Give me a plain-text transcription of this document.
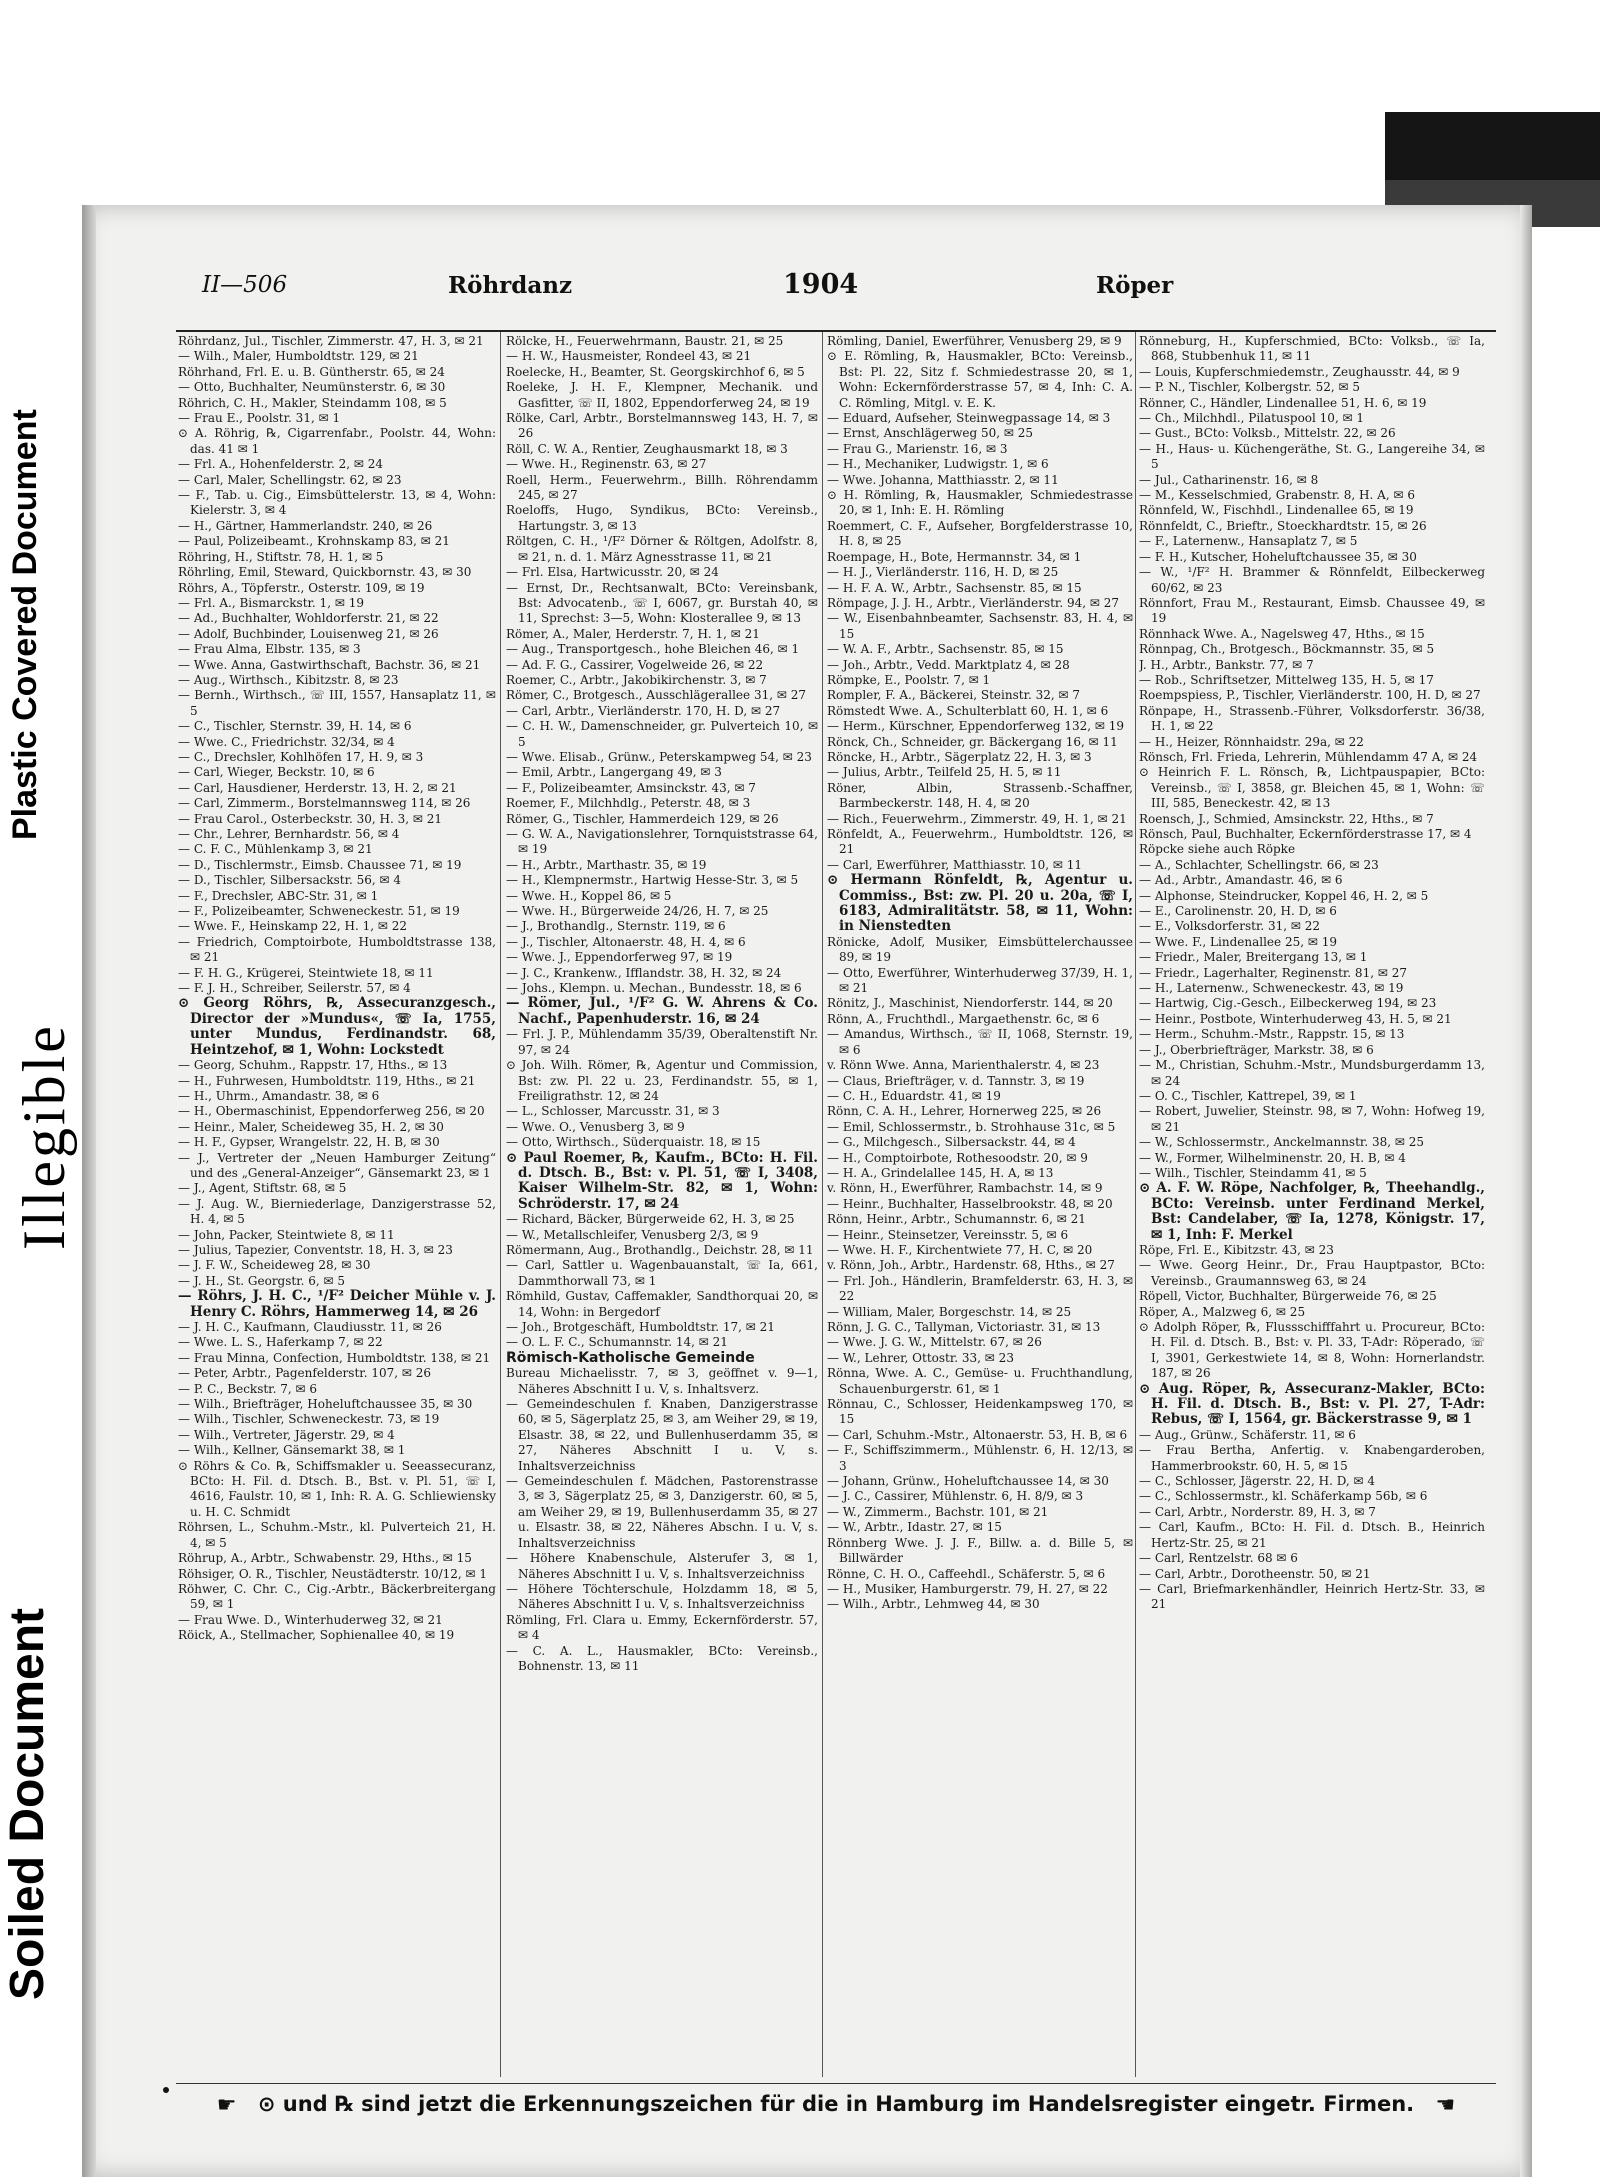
Plastic Covered Document
Illegible
Soiled Document
II—506	Röhrdanz	1904	Röper

Röhrdanz, Jul., Tischler, Zimmerstr. 47, H. 3, ✉ 21

— Wilh., Maler, Humboldtstr. 129, ✉ 21

Röhrhand, Frl. E. u. B. Güntherstr. 65, ✉ 24

— Otto, Buchhalter, Neumünsterstr. 6, ✉ 30

Röhrich, C. H., Makler, Steindamm 108, ✉ 5

— Frau E., Poolstr. 31, ✉ 1

⊙ A. Röhrig, ℞, Cigarrenfabr., Poolstr. 44, Wohn: das. 41 ✉ 1

— Frl. A., Hohenfelderstr. 2, ✉ 24

— Carl, Maler, Schellingstr. 62, ✉ 23

— F., Tab. u. Cig., Eimsbüttelerstr. 13, ✉ 4, Wohn: Kielerstr. 3, ✉ 4

— H., Gärtner, Hammerlandstr. 240, ✉ 26

— Paul, Polizeibeamt., Krohnskamp 83, ✉ 21

Röhring, H., Stiftstr. 78, H. 1, ✉ 5

Röhrling, Emil, Steward, Quickbornstr. 43, ✉ 30

Röhrs, A., Töpferstr., Osterstr. 109, ✉ 19

— Frl. A., Bismarckstr. 1, ✉ 19

— Ad., Buchhalter, Wohldorferstr. 21, ✉ 22

— Adolf, Buchbinder, Louisenweg 21, ✉ 26

— Frau Alma, Elbstr. 135, ✉ 3

— Wwe. Anna, Gastwirthschaft, Bachstr. 36, ✉ 21

— Aug., Wirthsch., Kibitzstr. 8, ✉ 23

— Bernh., Wirthsch., ☏ III, 1557, Hansaplatz 11, ✉ 5

— C., Tischler, Sternstr. 39, H. 14, ✉ 6

— Wwe. C., Friedrichstr. 32/34, ✉ 4

— C., Drechsler, Kohlhöfen 17, H. 9, ✉ 3

— Carl, Wieger, Beckstr. 10, ✉ 6

— Carl, Hausdiener, Herderstr. 13, H. 2, ✉ 21

— Carl, Zimmerm., Borstelmannsweg 114, ✉ 26

— Frau Carol., Osterbeckstr. 30, H. 3, ✉ 21

— Chr., Lehrer, Bernhardstr. 56, ✉ 4

— C. F. C., Mühlenkamp 3, ✉ 21

— D., Tischlermstr., Eimsb. Chaussee 71, ✉ 19

— D., Tischler, Silbersackstr. 56, ✉ 4

— F., Drechsler, ABC-Str. 31, ✉ 1

— F., Polizeibeamter, Schweneckestr. 51, ✉ 19

— Wwe. F., Heinskamp 22, H. 1, ✉ 22

— Friedrich, Comptoirbote, Humboldtstrasse 138, ✉ 21

— F. H. G., Krügerei, Steintwiete 18, ✉ 11

— F. J. H., Schreiber, Seilerstr. 57, ✉ 4

⊙ Georg Röhrs, ℞, Assecuranzgesch., Director der »Mundus«, ☏ Ia, 1755, unter Mundus, Ferdinandstr. 68, Heintzehof, ✉ 1, Wohn: Lockstedt

— Georg, Schuhm., Rappstr. 17, Hths., ✉ 13

— H., Fuhrwesen, Humboldtstr. 119, Hths., ✉ 21

— H., Uhrm., Amandastr. 38, ✉ 6

— H., Obermaschinist, Eppendorferweg 256, ✉ 20

— Heinr., Maler, Scheideweg 35, H. 2, ✉ 30

— H. F., Gypser, Wrangelstr. 22, H. B, ✉ 30

— J., Vertreter der „Neuen Hamburger Zeitung“ und des „General-Anzeiger“, Gänsemarkt 23, ✉ 1

— J., Agent, Stiftstr. 68, ✉ 5

— J. Aug. W., Bierniederlage, Danzigerstrasse 52, H. 4, ✉ 5

— John, Packer, Steintwiete 8, ✉ 11

— Julius, Tapezier, Conventstr. 18, H. 3, ✉ 23

— J. F. W., Scheideweg 28, ✉ 30

— J. H., St. Georgstr. 6, ✉ 5

— Röhrs, J. H. C., ¹/F² Deicher Mühle v. J. Henry C. Röhrs, Hammerweg 14, ✉ 26

— J. H. C., Kaufmann, Claudiusstr. 11, ✉ 26

— Wwe. L. S., Haferkamp 7, ✉ 22

— Frau Minna, Confection, Humboldtstr. 138, ✉ 21

— Peter, Arbtr., Pagenfelderstr. 107, ✉ 26

— P. C., Beckstr. 7, ✉ 6

— Wilh., Briefträger, Hoheluftchaussee 35, ✉ 30

— Wilh., Tischler, Schweneckestr. 73, ✉ 19

— Wilh., Vertreter, Jägerstr. 29, ✉ 4

— Wilh., Kellner, Gänsemarkt 38, ✉ 1

⊙ Röhrs & Co. ℞, Schiffsmakler u. Seeassecuranz, BCto: H. Fil. d. Dtsch. B., Bst. v. Pl. 51, ☏ I, 4616, Faulstr. 10, ✉ 1, Inh: R. A. G. Schliewiensky u. H. C. Schmidt

Röhrsen, L., Schuhm.-Mstr., kl. Pulverteich 21, H. 4, ✉ 5

Röhrup, A., Arbtr., Schwabenstr. 29, Hths., ✉ 15

Röhsiger, O. R., Tischler, Neustädterstr. 10/12, ✉ 1

Röhwer, C. Chr. C., Cig.-Arbtr., Bäckerbreitergang 59, ✉ 1

— Frau Wwe. D., Winterhuderweg 32, ✉ 21

Röick, A., Stellmacher, Sophienallee 40, ✉ 19

Rölcke, H., Feuerwehrmann, Baustr. 21, ✉ 25

— H. W., Hausmeister, Rondeel 43, ✉ 21

Roelecke, H., Beamter, St. Georgskirchhof 6, ✉ 5

Roeleke, J. H. F., Klempner, Mechanik. und Gasfitter, ☏ II, 1802, Eppendorferweg 24, ✉ 19

Rölke, Carl, Arbtr., Borstelmannsweg 143, H. 7, ✉ 26

Röll, C. W. A., Rentier, Zeughausmarkt 18, ✉ 3

— Wwe. H., Reginenstr. 63, ✉ 27

Roell, Herm., Feuerwehrm., Billh. Röhrendamm 245, ✉ 27

Roeloffs, Hugo, Syndikus, BCto: Vereinsb., Hartungstr. 3, ✉ 13

Röltgen, C. H., ¹/F² Dörner & Röltgen, Adolfstr. 8, ✉ 21, n. d. 1. März Agnesstrasse 11, ✉ 21

— Frl. Elsa, Hartwicusstr. 20, ✉ 24

— Ernst, Dr., Rechtsanwalt, BCto: Vereinsbank, Bst: Advocatenb., ☏ I, 6067, gr. Burstah 40, ✉ 11, Sprechst: 3—5, Wohn: Klosterallee 9, ✉ 13

Römer, A., Maler, Herderstr. 7, H. 1, ✉ 21

— Aug., Transportgesch., hohe Bleichen 46, ✉ 1

— Ad. F. G., Cassirer, Vogelweide 26, ✉ 22

Roemer, C., Arbtr., Jakobikirchenstr. 3, ✉ 7

Römer, C., Brotgesch., Ausschlägerallee 31, ✉ 27

— Carl, Arbtr., Vierländerstr. 170, H. D, ✉ 27

— C. H. W., Damenschneider, gr. Pulverteich 10, ✉ 5

— Wwe. Elisab., Grünw., Peterskampweg 54, ✉ 23

— Emil, Arbtr., Langergang 49, ✉ 3

— F., Polizeibeamter, Amsinckstr. 43, ✉ 7

Roemer, F., Milchhdlg., Peterstr. 48, ✉ 3

Römer, G., Tischler, Hammerdeich 129, ✉ 26

— G. W. A., Navigationslehrer, Tornquiststrasse 64, ✉ 19

— H., Arbtr., Marthastr. 35, ✉ 19

— H., Klempnermstr., Hartwig Hesse-Str. 3, ✉ 5

— Wwe. H., Koppel 86, ✉ 5

— Wwe. H., Bürgerweide 24/26, H. 7, ✉ 25

— J., Brothandlg., Sternstr. 119, ✉ 6

— J., Tischler, Altonaerstr. 48, H. 4, ✉ 6

— Wwe. J., Eppendorferweg 97, ✉ 19

— J. C., Krankenw., Ifflandstr. 38, H. 32, ✉ 24

— Johs., Klempn. u. Mechan., Bundesstr. 18, ✉ 6

— Römer, Jul., ¹/F² G. W. Ahrens & Co. Nachf., Papenhuderstr. 16, ✉ 24

— Frl. J. P., Mühlendamm 35/39, Oberaltenstift Nr. 97, ✉ 24

⊙ Joh. Wilh. Römer, ℞, Agentur und Commission, Bst: zw. Pl. 22 u. 23, Ferdinandstr. 55, ✉ 1, Freiligrathstr. 12, ✉ 24

— L., Schlosser, Marcusstr. 31, ✉ 3

— Wwe. O., Venusberg 3, ✉ 9

— Otto, Wirthsch., Süderquaistr. 18, ✉ 15

⊙ Paul Roemer, ℞, Kaufm., BCto: H. Fil. d. Dtsch. B., Bst: v. Pl. 51, ☏ I, 3408, Kaiser Wilhelm-Str. 82, ✉ 1, Wohn: Schröderstr. 17, ✉ 24

— Richard, Bäcker, Bürgerweide 62, H. 3, ✉ 25

— W., Metallschleifer, Venusberg 2/3, ✉ 9

Römermann, Aug., Brothandlg., Deichstr. 28, ✉ 11

— Carl, Sattler u. Wagenbauanstalt, ☏ Ia, 661, Dammthorwall 73, ✉ 1

Römhild, Gustav, Caffemakler, Sandthorquai 20, ✉ 14, Wohn: in Bergedorf

— Joh., Brotgeschäft, Humboldtstr. 17, ✉ 21

— O. L. F. C., Schumannstr. 14, ✉ 21

Römisch-Katholische Gemeinde

Bureau Michaelisstr. 7, ✉ 3, geöffnet v. 9—1, Näheres Abschnitt I u. V, s. Inhaltsverz.

— Gemeindeschulen f. Knaben, Danzigerstrasse 60, ✉ 5, Sägerplatz 25, ✉ 3, am Weiher 29, ✉ 19, Elsastr. 38, ✉ 22, und Bullenhuserdamm 35, ✉ 27, Näheres Abschnitt I u. V, s. Inhaltsverzeichniss

— Gemeindeschulen f. Mädchen, Pastorenstrasse 3, ✉ 3, Sägerplatz 25, ✉ 3, Danzigerstr. 60, ✉ 5, am Weiher 29, ✉ 19, Bullenhuserdamm 35, ✉ 27 u. Elsastr. 38, ✉ 22, Näheres Abschn. I u. V, s. Inhaltsverzeichniss

— Höhere Knabenschule, Alsterufer 3, ✉ 1, Näheres Abschnitt I u. V, s. Inhaltsverzeichniss

— Höhere Töchterschule, Holzdamm 18, ✉ 5, Näheres Abschnitt I u. V, s. Inhaltsverzeichniss

Römling, Frl. Clara u. Emmy, Eckernförderstr. 57, ✉ 4

— C. A. L., Hausmakler, BCto: Vereinsb., Bohnenstr. 13, ✉ 11

Römling, Daniel, Ewerführer, Venusberg 29, ✉ 9

⊙ E. Römling, ℞, Hausmakler, BCto: Vereinsb., Bst: Pl. 22, Sitz f. Schmiedestrasse 20, ✉ 1, Wohn: Eckernförderstrasse 57, ✉ 4, Inh: C. A. C. Römling, Mitgl. v. E. K.

— Eduard, Aufseher, Steinwegpassage 14, ✉ 3

— Ernst, Anschlägerweg 50, ✉ 25

— Frau G., Marienstr. 16, ✉ 3

— H., Mechaniker, Ludwigstr. 1, ✉ 6

— Wwe. Johanna, Matthiasstr. 2, ✉ 11

⊙ H. Römling, ℞, Hausmakler, Schmiedestrasse 20, ✉ 1, Inh: E. H. Römling

Roemmert, C. F., Aufseher, Borgfelderstrasse 10, H. 8, ✉ 25

Roempage, H., Bote, Hermannstr. 34, ✉ 1

— H. J., Vierländerstr. 116, H. D, ✉ 25

— H. F. A. W., Arbtr., Sachsenstr. 85, ✉ 15

Römpage, J. J. H., Arbtr., Vierländerstr. 94, ✉ 27

— W., Eisenbahnbeamter, Sachsenstr. 83, H. 4, ✉ 15

— W. A. F., Arbtr., Sachsenstr. 85, ✉ 15

— Joh., Arbtr., Vedd. Marktplatz 4, ✉ 28

Römpke, E., Poolstr. 7, ✉ 1

Rompler, F. A., Bäckerei, Steinstr. 32, ✉ 7

Römstedt Wwe. A., Schulterblatt 60, H. 1, ✉ 6

— Herm., Kürschner, Eppendorferweg 132, ✉ 19

Rönck, Ch., Schneider, gr. Bäckergang 16, ✉ 11

Röncke, H., Arbtr., Sägerplatz 22, H. 3, ✉ 3

— Julius, Arbtr., Teilfeld 25, H. 5, ✉ 11

Röner, Albin, Strassenb.-Schaffner, Barmbeckerstr. 148, H. 4, ✉ 20

— Rich., Feuerwehrm., Zimmerstr. 49, H. 1, ✉ 21

Rönfeldt, A., Feuerwehrm., Humboldtstr. 126, ✉ 21

— Carl, Ewerführer, Matthiasstr. 10, ✉ 11

⊙ Hermann Rönfeldt, ℞, Agentur u. Commiss., Bst: zw. Pl. 20 u. 20a, ☏ I, 6183, Admiralitätstr. 58, ✉ 11, Wohn: in Nienstedten

Rönicke, Adolf, Musiker, Eimsbüttelerchaussee 89, ✉ 19

— Otto, Ewerführer, Winterhuderweg 37/39, H. 1, ✉ 21

Rönitz, J., Maschinist, Niendorferstr. 144, ✉ 20

Rönn, A., Fruchthdl., Margaethenstr. 6c, ✉ 6

— Amandus, Wirthsch., ☏ II, 1068, Sternstr. 19, ✉ 6

v. Rönn Wwe. Anna, Marienthalerstr. 4, ✉ 23

— Claus, Briefträger, v. d. Tannstr. 3, ✉ 19

— C. H., Eduardstr. 41, ✉ 19

Rönn, C. A. H., Lehrer, Hornerweg 225, ✉ 26

— Emil, Schlossermstr., b. Strohhause 31c, ✉ 5

— G., Milchgesch., Silbersackstr. 44, ✉ 4

— H., Comptoirbote, Rothesoodstr. 20, ✉ 9

— H. A., Grindelallee 145, H. A, ✉ 13

v. Rönn, H., Ewerführer, Rambachstr. 14, ✉ 9

— Heinr., Buchhalter, Hasselbrookstr. 48, ✉ 20

Rönn, Heinr., Arbtr., Schumannstr. 6, ✉ 21

— Heinr., Steinsetzer, Vereinsstr. 5, ✉ 6

— Wwe. H. F., Kirchentwiete 77, H. C, ✉ 20

v. Rönn, Joh., Arbtr., Hardenstr. 68, Hths., ✉ 27

— Frl. Joh., Händlerin, Bramfelderstr. 63, H. 3, ✉ 22

— William, Maler, Borgeschstr. 14, ✉ 25

Rönn, J. G. C., Tallyman, Victoriastr. 31, ✉ 13

— Wwe. J. G. W., Mittelstr. 67, ✉ 26

— W., Lehrer, Ottostr. 33, ✉ 23

Rönna, Wwe. A. C., Gemüse- u. Fruchthandlung, Schauenburgerstr. 61, ✉ 1

Rönnau, C., Schlosser, Heidenkampsweg 170, ✉ 15

— Carl, Schuhm.-Mstr., Altonaerstr. 53, H. B, ✉ 6

— F., Schiffszimmerm., Mühlenstr. 6, H. 12/13, ✉ 3

— Johann, Grünw., Hoheluftchaussee 14, ✉ 30

— J. C., Cassirer, Mühlenstr. 6, H. 8/9, ✉ 3

— W., Zimmerm., Bachstr. 101, ✉ 21

— W., Arbtr., Idastr. 27, ✉ 15

Rönnberg Wwe. J. J. F., Billw. a. d. Bille 5, ✉ Billwärder

Rönne, C. H. O., Caffeehdl., Schäferstr. 5, ✉ 6

— H., Musiker, Hamburgerstr. 79, H. 27, ✉ 22

— Wilh., Arbtr., Lehmweg 44, ✉ 30

Rönneburg, H., Kupferschmied, BCto: Volksb., ☏ Ia, 868, Stubbenhuk 11, ✉ 11

— Louis, Kupferschmiedemstr., Zeughausstr. 44, ✉ 9

— P. N., Tischler, Kolbergstr. 52, ✉ 5

Rönner, C., Händler, Lindenallee 51, H. 6, ✉ 19

— Ch., Milchhdl., Pilatuspool 10, ✉ 1

— Gust., BCto: Volksb., Mittelstr. 22, ✉ 26

— H., Haus- u. Küchengeräthe, St. G., Langereihe 34, ✉ 5

— Jul., Catharinenstr. 16, ✉ 8

— M., Kesselschmied, Grabenstr. 8, H. A, ✉ 6

Rönnfeld, W., Fischhdl., Lindenallee 65, ✉ 19

Rönnfeldt, C., Brieftr., Stoeckhardtstr. 15, ✉ 26

— F., Laternenw., Hansaplatz 7, ✉ 5

— F. H., Kutscher, Hoheluftchaussee 35, ✉ 30

— W., ¹/F² H. Brammer & Rönnfeldt, Eilbeckerweg 60/62, ✉ 23

Rönnfort, Frau M., Restaurant, Eimsb. Chaussee 49, ✉ 19

Rönnhack Wwe. A., Nagelsweg 47, Hths., ✉ 15

Rönnpag, Ch., Brotgesch., Böckmannstr. 35, ✉ 5

J. H., Arbtr., Bankstr. 77, ✉ 7

— Rob., Schriftsetzer, Mittelweg 135, H. 5, ✉ 17

Roempspiess, P., Tischler, Vierländerstr. 100, H. D, ✉ 27

Rönpape, H., Strassenb.-Führer, Volksdorferstr. 36/38, H. 1, ✉ 22

— H., Heizer, Rönnhaidstr. 29a, ✉ 22

Rönsch, Frl. Frieda, Lehrerin, Mühlendamm 47 A, ✉ 24

⊙ Heinrich F. L. Rönsch, ℞, Lichtpauspapier, BCto: Vereinsb., ☏ I, 3858, gr. Bleichen 45, ✉ 1, Wohn: ☏ III, 585, Beneckestr. 42, ✉ 13

Roensch, J., Schmied, Amsinckstr. 22, Hths., ✉ 7

Rönsch, Paul, Buchhalter, Eckernförderstrasse 17, ✉ 4

Röpcke siehe auch Röpke

— A., Schlachter, Schellingstr. 66, ✉ 23

— Ad., Arbtr., Amandastr. 46, ✉ 6

— Alphonse, Steindrucker, Koppel 46, H. 2, ✉ 5

— E., Carolinenstr. 20, H. D, ✉ 6

— E., Volksdorferstr. 31, ✉ 22

— Wwe. F., Lindenallee 25, ✉ 19

— Friedr., Maler, Breitergang 13, ✉ 1

— Friedr., Lagerhalter, Reginenstr. 81, ✉ 27

— H., Laternenw., Schweneckestr. 43, ✉ 19

— Hartwig, Cig.-Gesch., Eilbeckerweg 194, ✉ 23

— Heinr., Postbote, Winterhuderweg 43, H. 5, ✉ 21

— Herm., Schuhm.-Mstr., Rappstr. 15, ✉ 13

— J., Oberbriefträger, Markstr. 38, ✉ 6

— M., Christian, Schuhm.-Mstr., Mundsburgerdamm 13, ✉ 24

— O. C., Tischler, Kattrepel, 39, ✉ 1

— Robert, Juwelier, Steinstr. 98, ✉ 7, Wohn: Hofweg 19, ✉ 21

— W., Schlossermstr., Anckelmannstr. 38, ✉ 25

— W., Former, Wilhelminenstr. 20, H. B, ✉ 4

— Wilh., Tischler, Steindamm 41, ✉ 5

⊙ A. F. W. Röpe, Nachfolger, ℞, Theehandlg., BCto: Vereinsb. unter Ferdinand Merkel, Bst: Candelaber, ☏ Ia, 1278, Königstr. 17, ✉ 1, Inh: F. Merkel

Röpe, Frl. E., Kibitzstr. 43, ✉ 23

— Wwe. Georg Heinr., Dr., Frau Hauptpastor, BCto: Vereinsb., Graumannsweg 63, ✉ 24

Röpell, Victor, Buchhalter, Bürgerweide 76, ✉ 25

Röper, A., Malzweg 6, ✉ 25

⊙ Adolph Röper, ℞, Flussschifffahrt u. Procureur, BCto: H. Fil. d. Dtsch. B., Bst: v. Pl. 33, T-Adr: Röperado, ☏ I, 3901, Gerkestwiete 14, ✉ 8, Wohn: Hornerlandstr. 187, ✉ 26

⊙ Aug. Röper, ℞, Assecuranz-Makler, BCto: H. Fil. d. Dtsch. B., Bst: v. Pl. 27, T-Adr: Rebus, ☏ I, 1564, gr. Bäckerstrasse 9, ✉ 1

— Aug., Grünw., Schäferstr. 11, ✉ 6

— Frau Bertha, Anfertig. v. Knabengarderoben, Hammerbrookstr. 60, H. 5, ✉ 15

— C., Schlosser, Jägerstr. 22, H. D, ✉ 4

— C., Schlossermstr., kl. Schäferkamp 56b, ✉ 6

— Carl, Arbtr., Norderstr. 89, H. 3, ✉ 7

— Carl, Kaufm., BCto: H. Fil. d. Dtsch. B., Heinrich Hertz-Str. 25, ✉ 21

— Carl, Rentzelstr. 68 ✉ 6

— Carl, Arbtr., Dorotheenstr. 50, ✉ 21

— Carl, Briefmarkenhändler, Heinrich Hertz-Str. 33, ✉ 21

☛ ⊙ und ℞ sind jetzt die Erkennungszeichen für die in Hamburg im Handelsregister eingetr. Firmen. ☚
